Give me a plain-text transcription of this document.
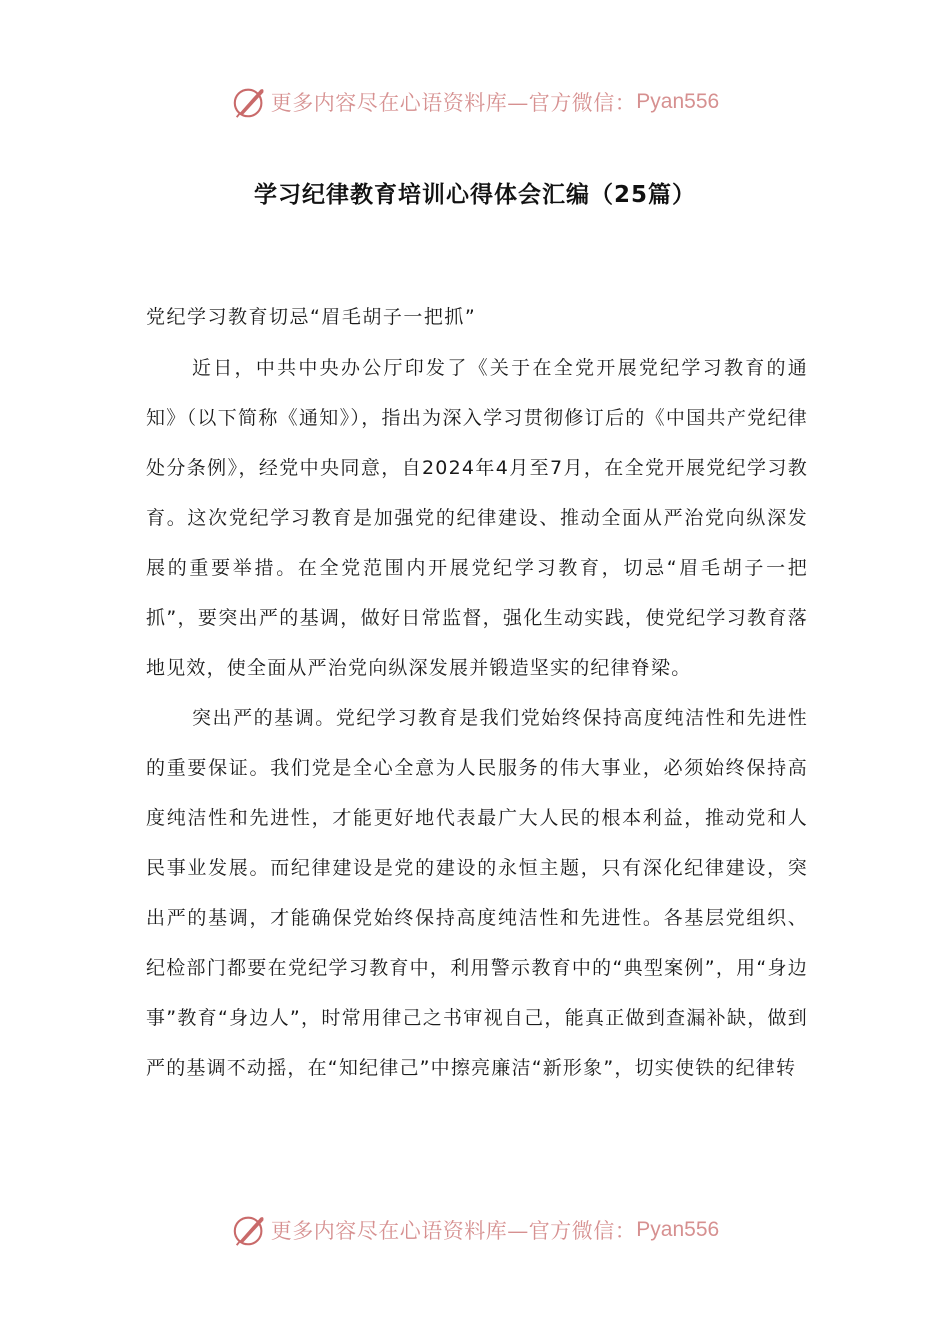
更多内容尽在心语资料库—官方微信： Pyan556
学习纪律教育培训心得体会汇编（25篇）

党纪学习教育切忌“眉毛胡子一把抓”

近日，中共中央办公厅印发了《关于在全党开展党纪学习教育的通知》（以下简称《通知》），指出为深入学习贯彻修订后的《中国共产党纪律处分条例》，经党中央同意，自2024年4月至7月，在全党开展党纪学习教育。这次党纪学习教育是加强党的纪律建设、推动全面从严治党向纵深发展的重要举措。在全党范围内开展党纪学习教育，切忌“眉毛胡子一把抓”，要突出严的基调，做好日常监督，强化生动实践，使党纪学习教育落地见效，使全面从严治党向纵深发展并锻造坚实的纪律脊梁。

突出严的基调。党纪学习教育是我们党始终保持高度纯洁性和先进性的重要保证。我们党是全心全意为人民服务的伟大事业，必须始终保持高度纯洁性和先进性，才能更好地代表最广大人民的根本利益，推动党和人民事业发展。而纪律建设是党的建设的永恒主题，只有深化纪律建设，突出严的基调，才能确保党始终保持高度纯洁性和先进性。各基层党组织、纪检部门都要在党纪学习教育中，利用警示教育中的“典型案例”，用“身边事”教育“身边人”，时常用律己之书审视自己，能真正做到查漏补缺，做到严的基调不动摇，在“知纪律己”中擦亮廉洁“新形象”，切实使铁的纪律转

更多内容尽在心语资料库—官方微信： Pyan556
